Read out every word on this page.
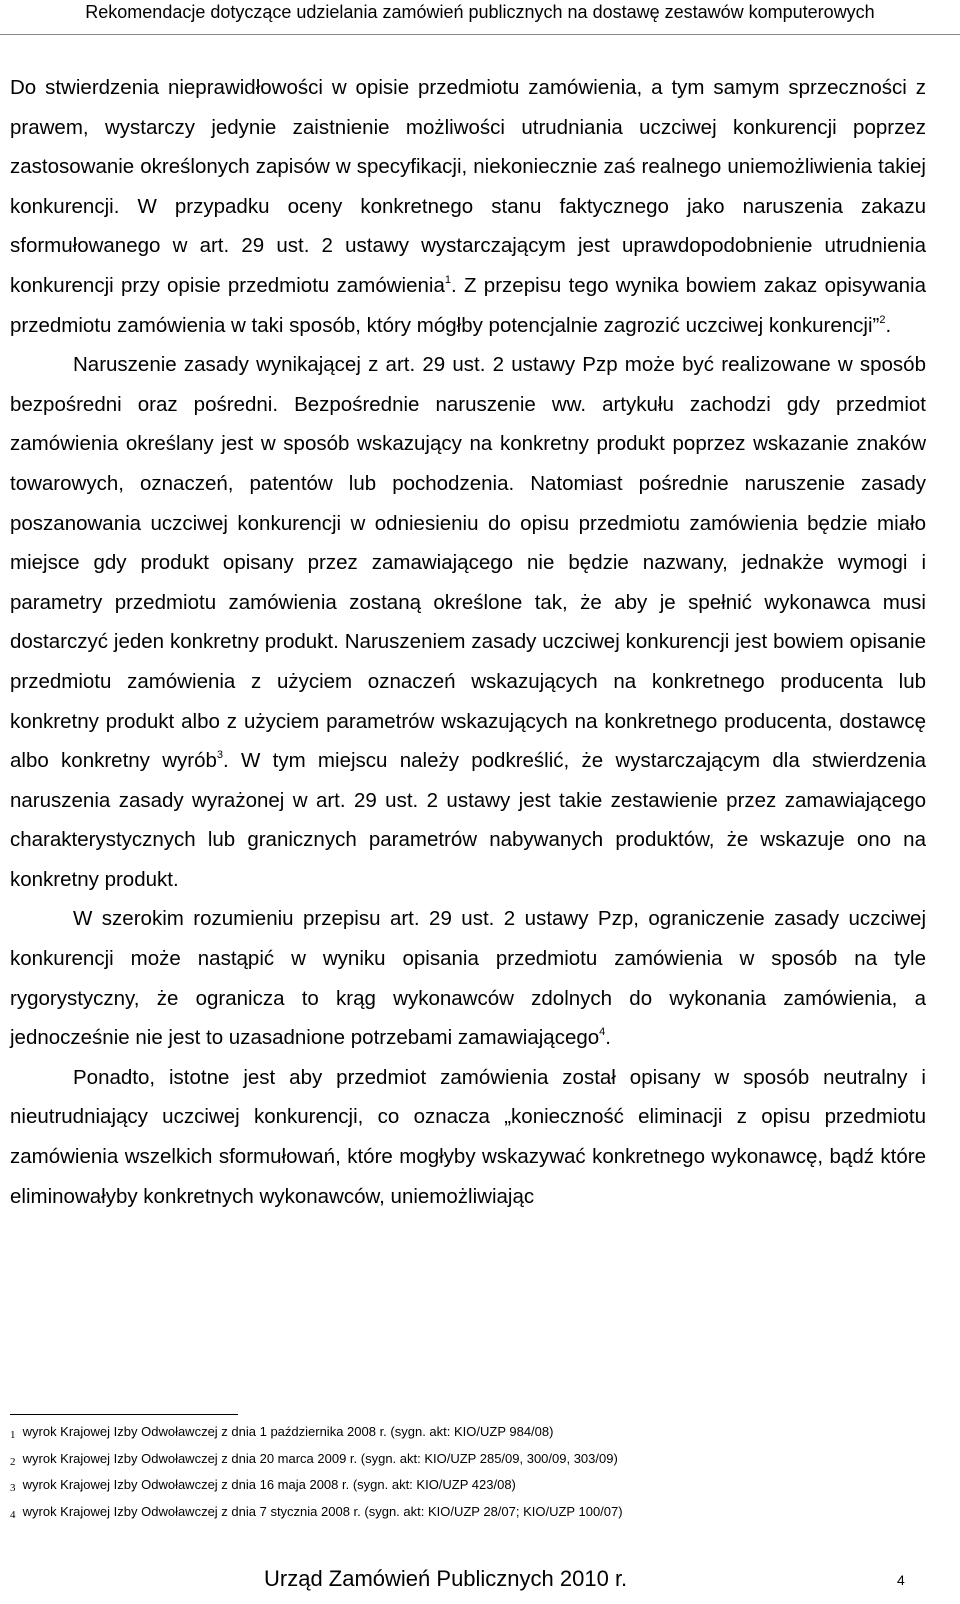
Rekomendacje dotyczące udzielania zamówień publicznych na dostawę zestawów komputerowych

Do stwierdzenia nieprawidłowości w opisie przedmiotu zamówienia, a tym samym sprzeczności z prawem, wystarczy jedynie zaistnienie możliwości utrudniania uczciwej konkurencji poprzez zastosowanie określonych zapisów w specyfikacji, niekoniecznie zaś realnego uniemożliwienia takiej konkurencji. W przypadku oceny konkretnego stanu faktycznego jako naruszenia zakazu sformułowanego w art. 29 ust. 2 ustawy wystarczającym jest uprawdopodobnienie utrudnienia konkurencji przy opisie przedmiotu zamówienia$^1$. Z przepisu tego wynika bowiem zakaz opisywania przedmiotu zamówienia w taki sposób, który mógłby potencjalnie zagrozić uczciwej konkurencji”$^2$.

Naruszenie zasady wynikającej z art. 29 ust. 2 ustawy Pzp może być realizowane w sposób bezpośredni oraz pośredni. Bezpośrednie naruszenie ww. artykułu zachodzi gdy przedmiot zamówienia określany jest w sposób wskazujący na konkretny produkt poprzez wskazanie znaków towarowych, oznaczeń, patentów lub pochodzenia. Natomiast pośrednie naruszenie zasady poszanowania uczciwej konkurencji w odniesieniu do opisu przedmiotu zamówienia będzie miało miejsce gdy produkt opisany przez zamawiającego nie będzie nazwany, jednakże wymogi i parametry przedmiotu zamówienia zostaną określone tak, że aby je spełnić wykonawca musi dostarczyć jeden konkretny produkt. Naruszeniem zasady uczciwej konkurencji jest bowiem opisanie przedmiotu zamówienia z użyciem oznaczeń wskazujących na konkretnego producenta lub konkretny produkt albo z użyciem parametrów wskazujących na konkretnego producenta, dostawcę albo konkretny wyrób$^3$. W tym miejscu należy podkreślić, że wystarczającym dla stwierdzenia naruszenia zasady wyrażonej w art. 29 ust. 2 ustawy jest takie zestawienie przez zamawiającego charakterystycznych lub granicznych parametrów nabywanych produktów, że wskazuje ono na konkretny produkt.

W szerokim rozumieniu przepisu art. 29 ust. 2 ustawy Pzp, ograniczenie zasady uczciwej konkurencji może nastąpić w wyniku opisania przedmiotu zamówienia w sposób na tyle rygorystyczny, że ogranicza to krąg wykonawców zdolnych do wykonania zamówienia, a jednocześnie nie jest to uzasadnione potrzebami zamawiającego$^4$.

Ponadto, istotne jest aby przedmiot zamówienia został opisany w sposób neutralny i nieutrudniający uczciwej konkurencji, co oznacza „konieczność eliminacji z opisu przedmiotu zamówienia wszelkich sformułowań, które mogłyby wskazywać konkretnego wykonawcę, bądź które eliminowałyby konkretnych wykonawców, uniemożliwiając

1 wyrok Krajowej Izby Odwoławczej z dnia 1 października 2008 r. (sygn. akt: KIO/UZP 984/08)
2 wyrok Krajowej Izby Odwoławczej z dnia 20 marca 2009 r. (sygn. akt: KIO/UZP 285/09, 300/09, 303/09)
3 wyrok Krajowej Izby Odwoławczej z dnia 16 maja 2008 r. (sygn. akt: KIO/UZP 423/08)
4 wyrok Krajowej Izby Odwoławczej z dnia 7 stycznia 2008 r. (sygn. akt: KIO/UZP 28/07; KIO/UZP 100/07)
Urząd Zamówień Publicznych 2010 r.	4
